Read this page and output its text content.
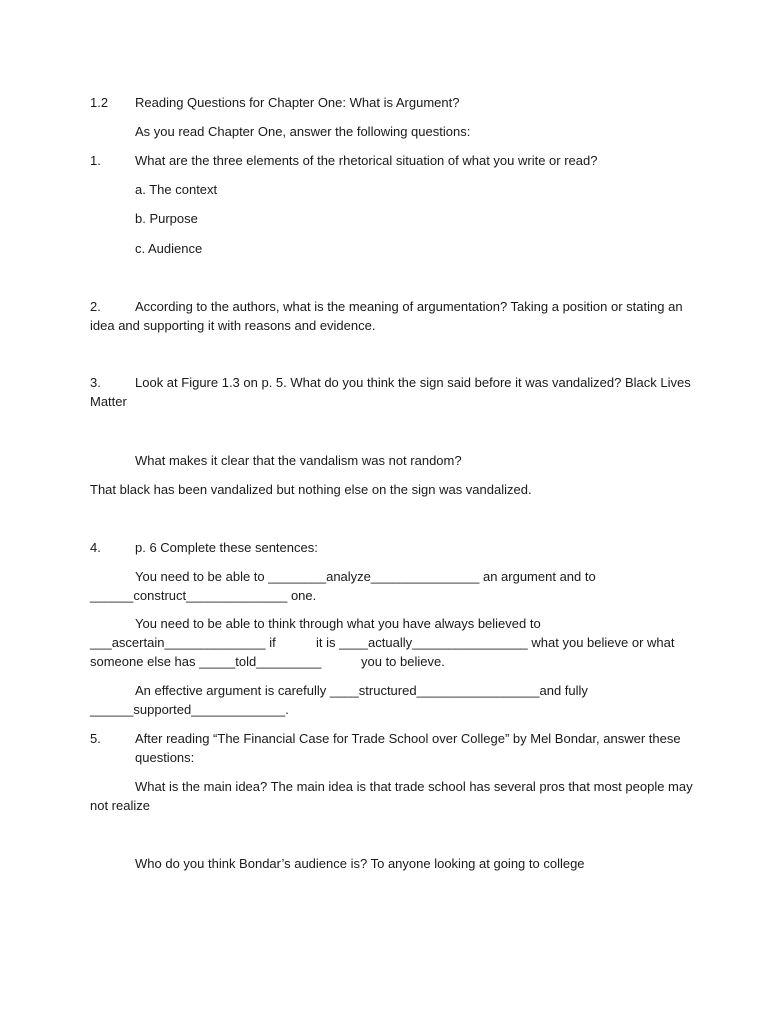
1.2 Reading Questions for Chapter One: What is Argument?
As you read Chapter One, answer the following questions:
1.	What are the three elements of the rhetorical situation of what you write or read?
a. The context
b. Purpose
c. Audience
2.	According to the authors, what is the meaning of argumentation? Taking a position or stating an
idea and supporting it with reasons and evidence.
3.	Look at Figure 1.3 on p. 5. What do you think the sign said before it was vandalized? Black Lives
Matter
What makes it clear that the vandalism was not random?
That black has been vandalized but nothing else on the sign was vandalized.
4.	p. 6 Complete these sentences:
You need to be able to ________analyze_______________ an argument and to
______construct______________ one.
You need to be able to think through what you have always believed to
___ascertain______________ if	it is ____actually________________ what you believe or what
someone else has _____told_________	you to believe.
An effective argument is carefully ____structured_________________and fully
______supported_____________.
5.	After reading “The Financial Case for Trade School over College” by Mel Bondar, answer these
questions:
What is the main idea? The main idea is that trade school has several pros that most people may
not realize
Who do you think Bondar’s audience is? To anyone looking at going to college
